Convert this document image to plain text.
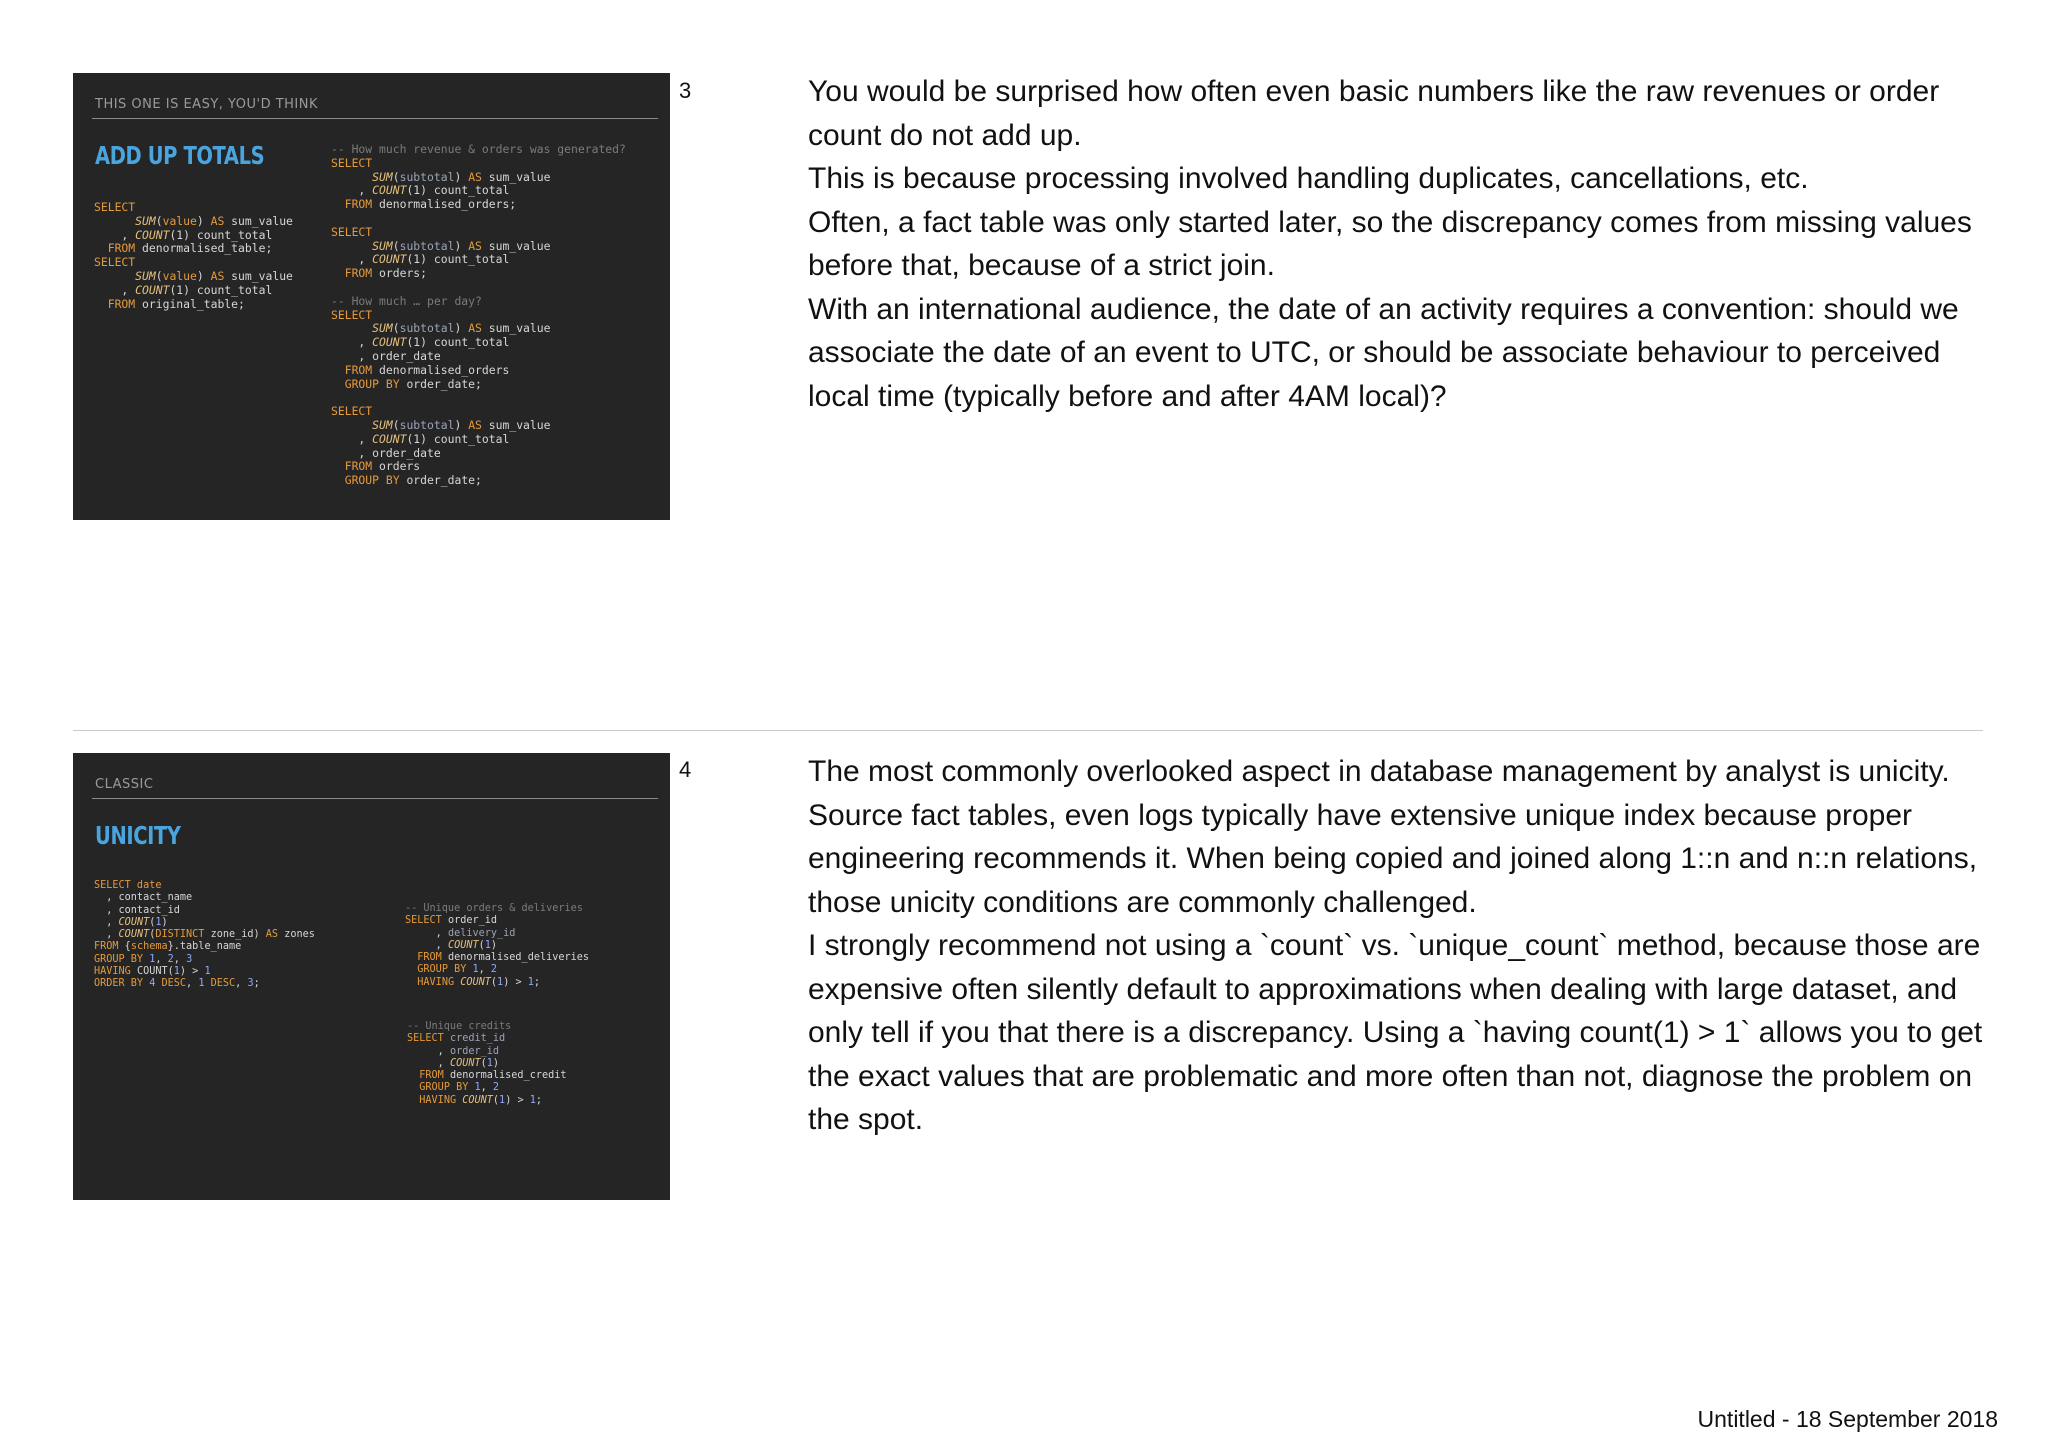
THIS ONE IS EASY, YOU'D THINK
ADD UP TOTALS
SELECT
SUM(value) AS sum_value
, COUNT(1) count_total
FROM denormalised_table;
SELECT
SUM(value) AS sum_value
, COUNT(1) count_total
FROM original_table;
-- How much revenue & orders was generated?
SELECT
SUM(subtotal) AS sum_value
, COUNT(1) count_total
FROM denormalised_orders;

SELECT
SUM(subtotal) AS sum_value
, COUNT(1) count_total
FROM orders;

-- How much … per day?
SELECT
SUM(subtotal) AS sum_value
, COUNT(1) count_total
, order_date
FROM denormalised_orders
GROUP BY order_date;

SELECT
SUM(subtotal) AS sum_value
, COUNT(1) count_total
, order_date
FROM orders
GROUP BY order_date;
3	You would be surprised how often even basic numbers like the raw revenues or order count do not add up.

This is because processing involved handling duplicates, cancellations, etc.

Often, a fact table was only started later, so the discrepancy comes from missing values before that, because of a strict join.

With an international audience, the date of an activity requires a convention: should we associate the date of an event to UTC, or should be associate behaviour to perceived local time (typically before and after 4AM local)?

CLASSIC
UNICITY
SELECT date
, contact_name
, contact_id
, COUNT(1)
, COUNT(DISTINCT zone_id) AS zones
FROM {schema}.table_name
GROUP BY 1, 2, 3
HAVING COUNT(1) > 1
ORDER BY 4 DESC, 1 DESC, 3;
-- Unique orders & deliveries
SELECT order_id
, delivery_id
, COUNT(1)
FROM denormalised_deliveries
GROUP BY 1, 2
HAVING COUNT(1) > 1;
-- Unique credits
SELECT credit_id
, order_id
, COUNT(1)
FROM denormalised_credit
GROUP BY 1, 2
HAVING COUNT(1) > 1;
4	The most commonly overlooked aspect in database management by analyst is unicity.

Source fact tables, even logs typically have extensive unique index because proper engineering recommends it. When being copied and joined along 1::n and n::n relations, those unicity conditions are commonly challenged.

I strongly recommend not using a `count` vs. `unique_count` method, because those are expensive often silently default to approximations when dealing with large dataset, and only tell if you that there is a discrepancy. Using a `having count(1) > 1` allows you to get the exact values that are problematic and more often than not, diagnose the problem on the spot.

Untitled - 18 September 2018
